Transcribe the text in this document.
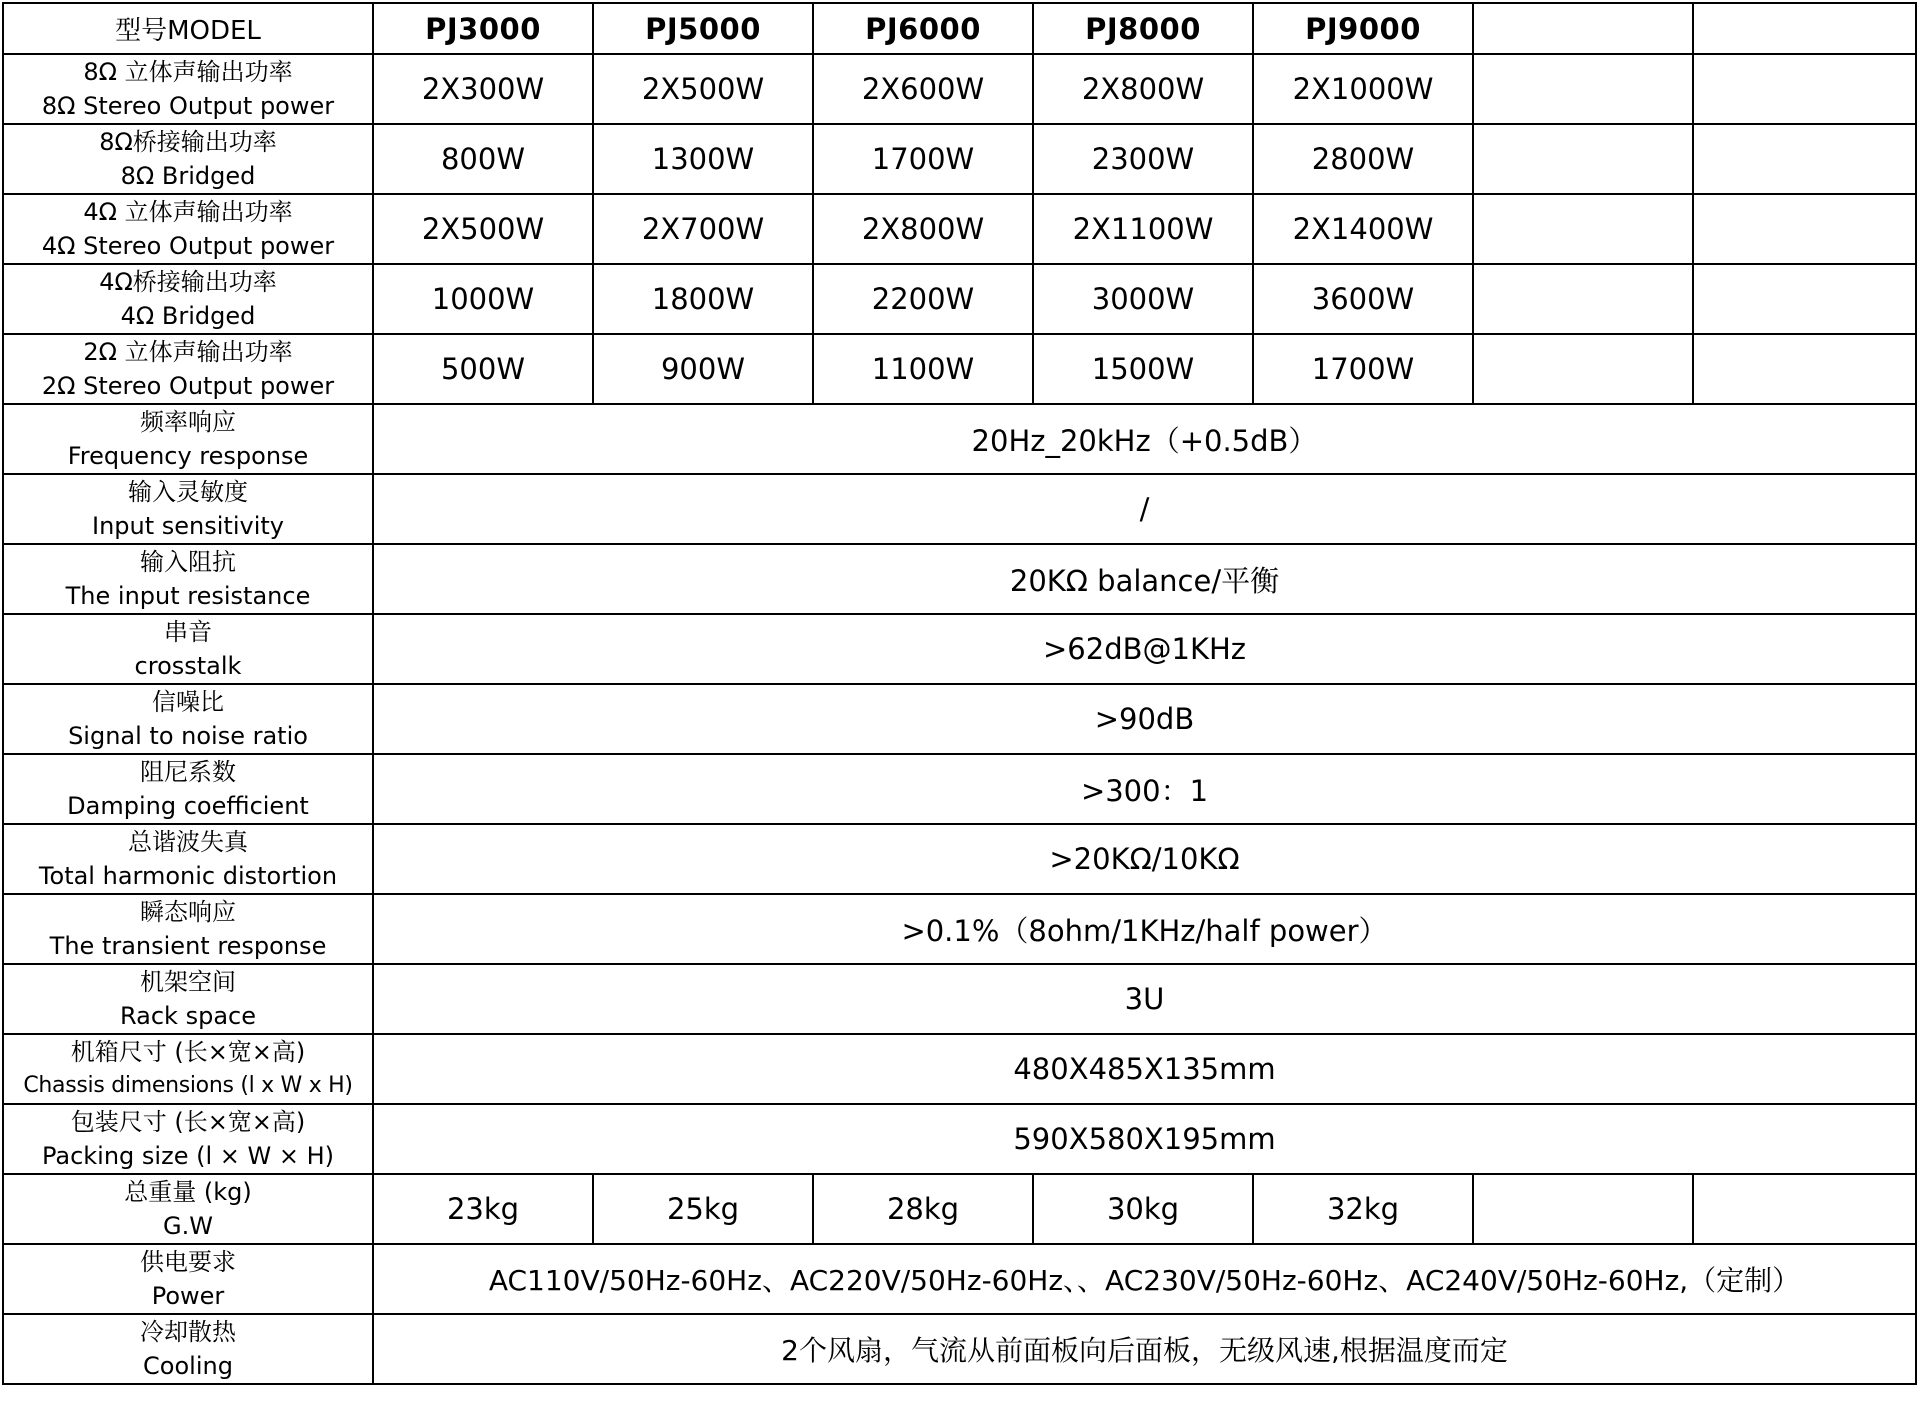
型号MODEL	PJ3000	PJ5000	PJ6000	PJ8000	PJ9000		

8Ω 立体声输出功率
8Ω Stereo Output power	2X300W	2X500W	2X600W	2X800W	2X1000W		

8Ω桥接输出功率
8Ω Bridged	800W	1300W	1700W	2300W	2800W		

4Ω 立体声输出功率
4Ω Stereo Output power	2X500W	2X700W	2X800W	2X1100W	2X1400W		

4Ω桥接输出功率
4Ω Bridged	1000W	1800W	2200W	3000W	3600W		

2Ω 立体声输出功率
2Ω Stereo Output power	500W	900W	1100W	1500W	1700W		

频率响应
Frequency response	20Hz_20kHz（+0.5dB）						

输入灵敏度
Input sensitivity	/						

输入阻抗
The input resistance	20KΩ balance/平衡						

串音
crosstalk	>62dB@1KHz						

信噪比
Signal to noise ratio	>90dB						

阻尼系数
Damping coefficient	>300：1						

总谐波失真
Total harmonic distortion	>20KΩ/10KΩ						

瞬态响应
The transient response	>0.1%（8ohm/1KHz/half power）						

机架空间
Rack space	3U						

机箱尺寸 (长×宽×高)
Chassis dimensions (l x W x H)	480X485X135mm						

包装尺寸 (长×宽×高)
Packing size (l × W × H)	590X580X195mm						

总重量 (kg)
G.W	23kg	25kg	28kg	30kg	32kg		

供电要求
Power	AC110V/50Hz-60Hz、AC220V/50Hz-60Hz、、AC230V/50Hz-60Hz、AC240V/50Hz-60Hz,（定制）						

冷却散热
Cooling	2个风扇，气流从前面板向后面板，无级风速,根据温度而定						
